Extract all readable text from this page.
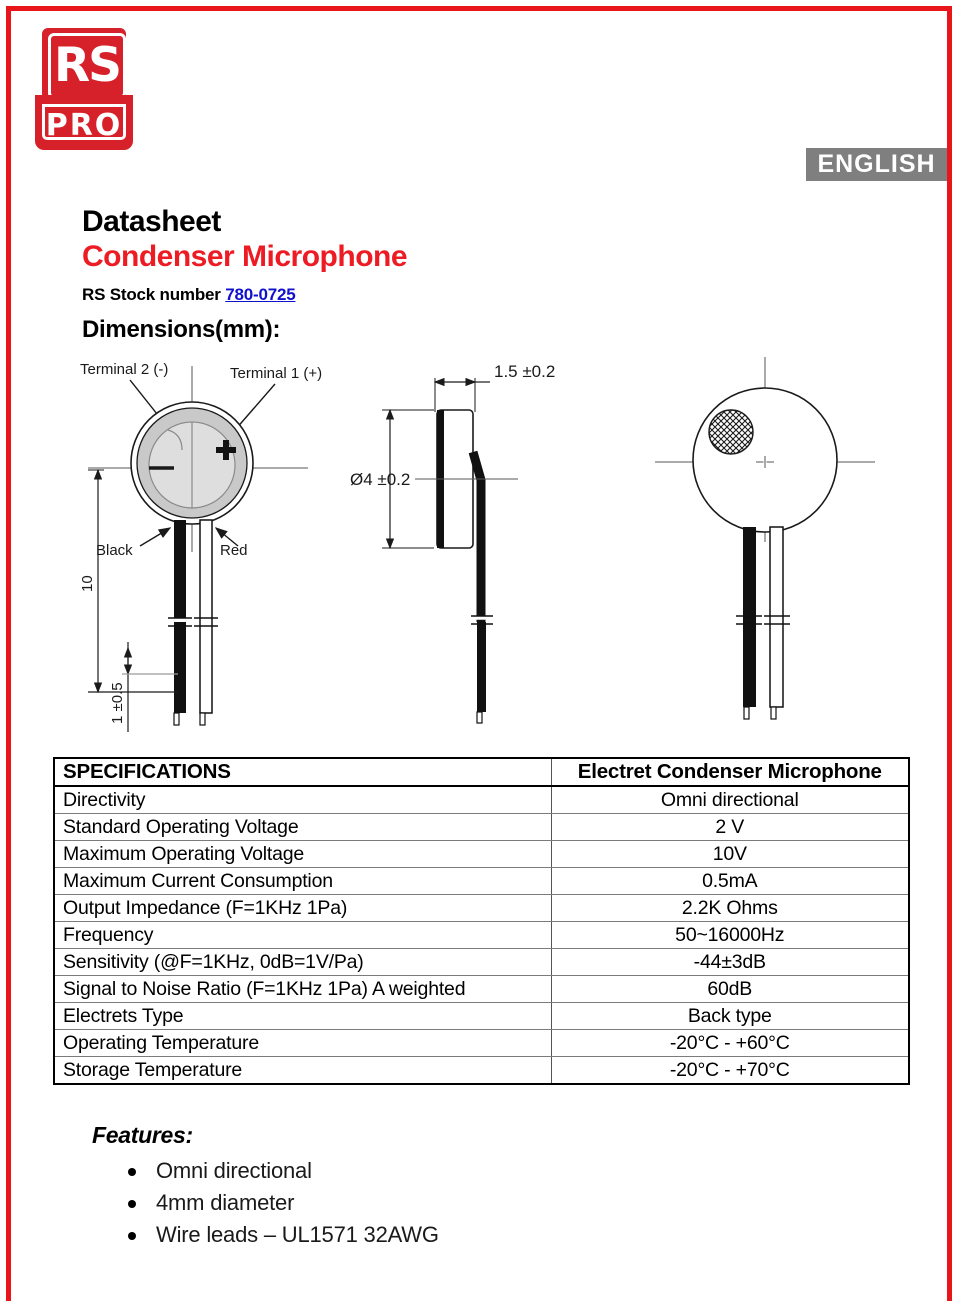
RS
PRO
ENGLISH
Datasheet
Condenser Microphone
RS Stock number 780-0725
Dimensions(mm):
Terminal 2 (-)	Terminal 1 (+)
Black	Red
10
1 ±0.5
1.5 ±0.2
Ø4 ±0.2
SPECIFICATIONS	Electret Condenser Microphone
Directivity	Omni directional
Standard Operating Voltage	2 V
Maximum Operating Voltage	10V
Maximum Current Consumption	0.5mA
Output Impedance (F=1KHz 1Pa)	2.2K Ohms
Frequency	50~16000Hz
Sensitivity (@F=1KHz, 0dB=1V/Pa)	-44±3dB
Signal to Noise Ratio (F=1KHz 1Pa) A weighted	60dB
Electrets Type	Back type
Operating Temperature	-20°C - +60°C
Storage Temperature	-20°C - +70°C
Features:
Omni directional
4mm diameter
Wire leads – UL1571 32AWG
